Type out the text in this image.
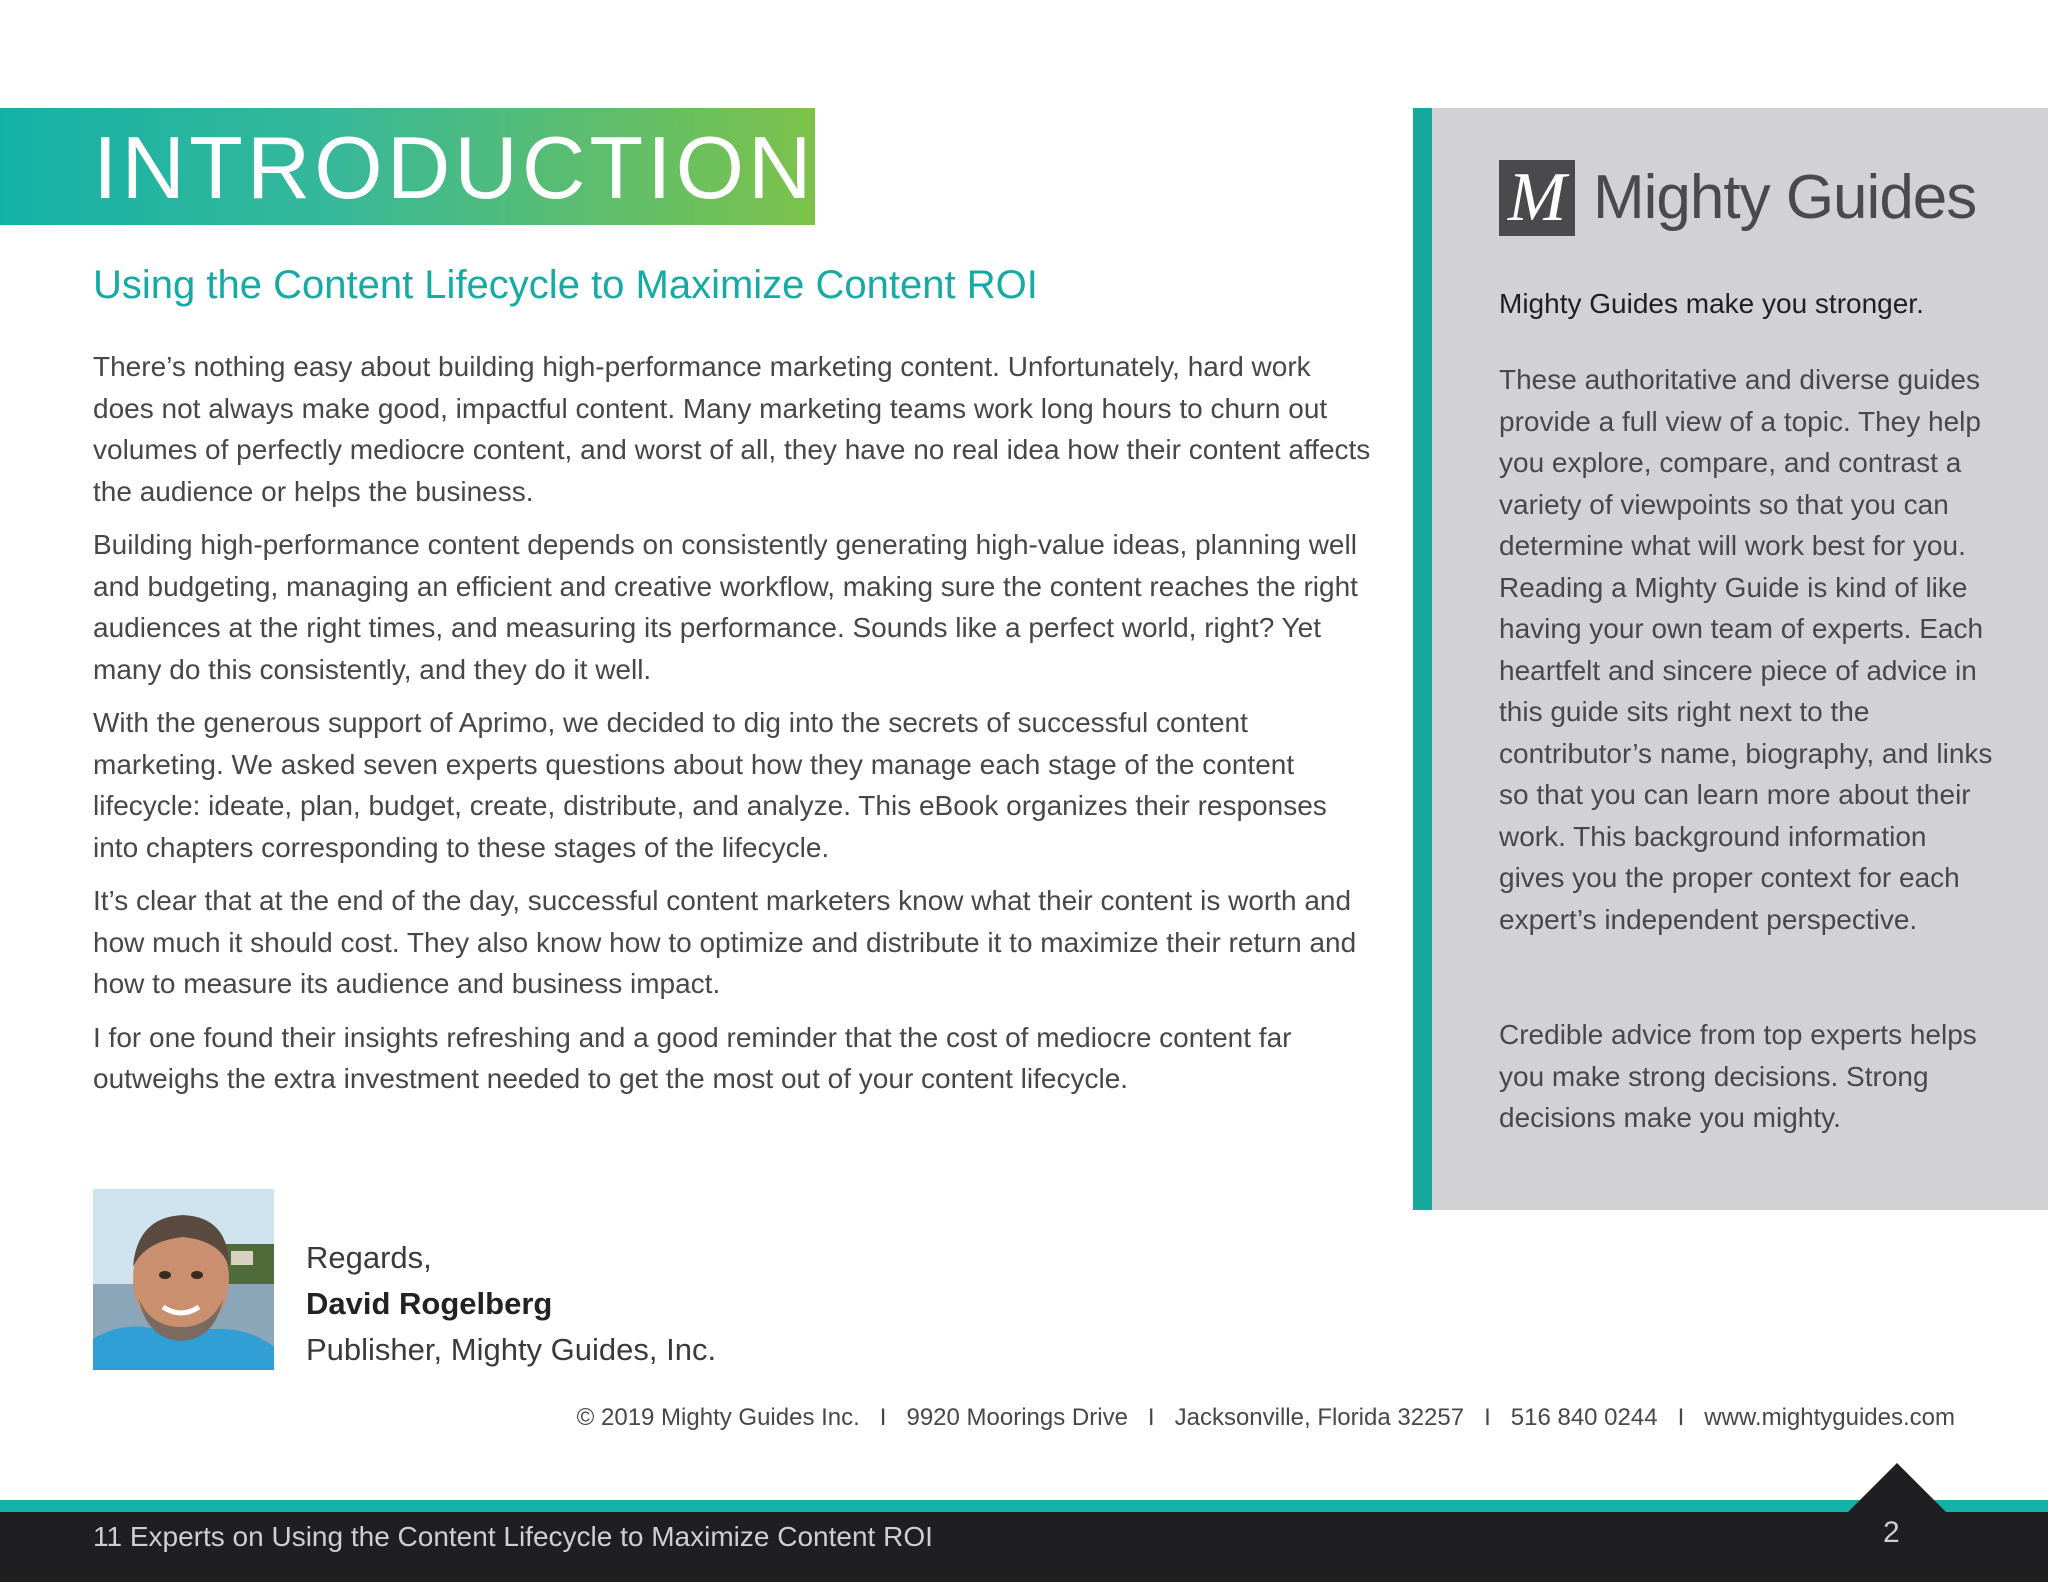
INTRODUCTION
Using the Content Lifecycle to Maximize Content ROI

There’s nothing easy about building high-performance marketing content. Unfortunately, hard work does not always make good, impactful content. Many marketing teams work long hours to churn out volumes of perfectly mediocre content, and worst of all, they have no real idea how their content affects the audience or helps the business.

Building high-performance content depends on consistently generating high-value ideas, planning well and budgeting, managing an efficient and creative workflow, making sure the content reaches the right audiences at the right times, and measuring its performance. Sounds like a perfect world, right? Yet many do this consistently, and they do it well.

With the generous support of Aprimo, we decided to dig into the secrets of successful content marketing. We asked seven experts questions about how they manage each stage of the content lifecycle: ideate, plan, budget, create, distribute, and analyze. This eBook organizes their responses into chapters corresponding to these stages of the lifecycle.

It’s clear that at the end of the day, successful content marketers know what their content is worth and how much it should cost. They also know how to optimize and distribute it to maximize their return and how to measure its audience and business impact.

I for one found their insights refreshing and a good reminder that the cost of mediocre content far outweighs the extra investment needed to get the most out of your content lifecycle.

M Mighty Guides

Mighty Guides make you stronger.

These authoritative and diverse guides provide a full view of a topic. They help you explore, compare, and contrast a variety of viewpoints so that you can determine what will work best for you. Reading a Mighty Guide is kind of like having your own team of experts. Each heartfelt and sincere piece of advice in this guide sits right next to the contributor’s name, biography, and links so that you can learn more about their work. This background information gives you the proper context for each expert’s independent perspective.

Credible advice from top experts helps you make strong decisions. Strong decisions make you mighty.

Regards,
David Rogelberg
Publisher, Mighty Guides, Inc.

© 2019 Mighty Guides Inc.   I   9920 Moorings Drive   I   Jacksonville, Florida 32257   I   516 840 0244   I   www.mightyguides.com

11 Experts on Using the Content Lifecycle to Maximize Content ROI	2
